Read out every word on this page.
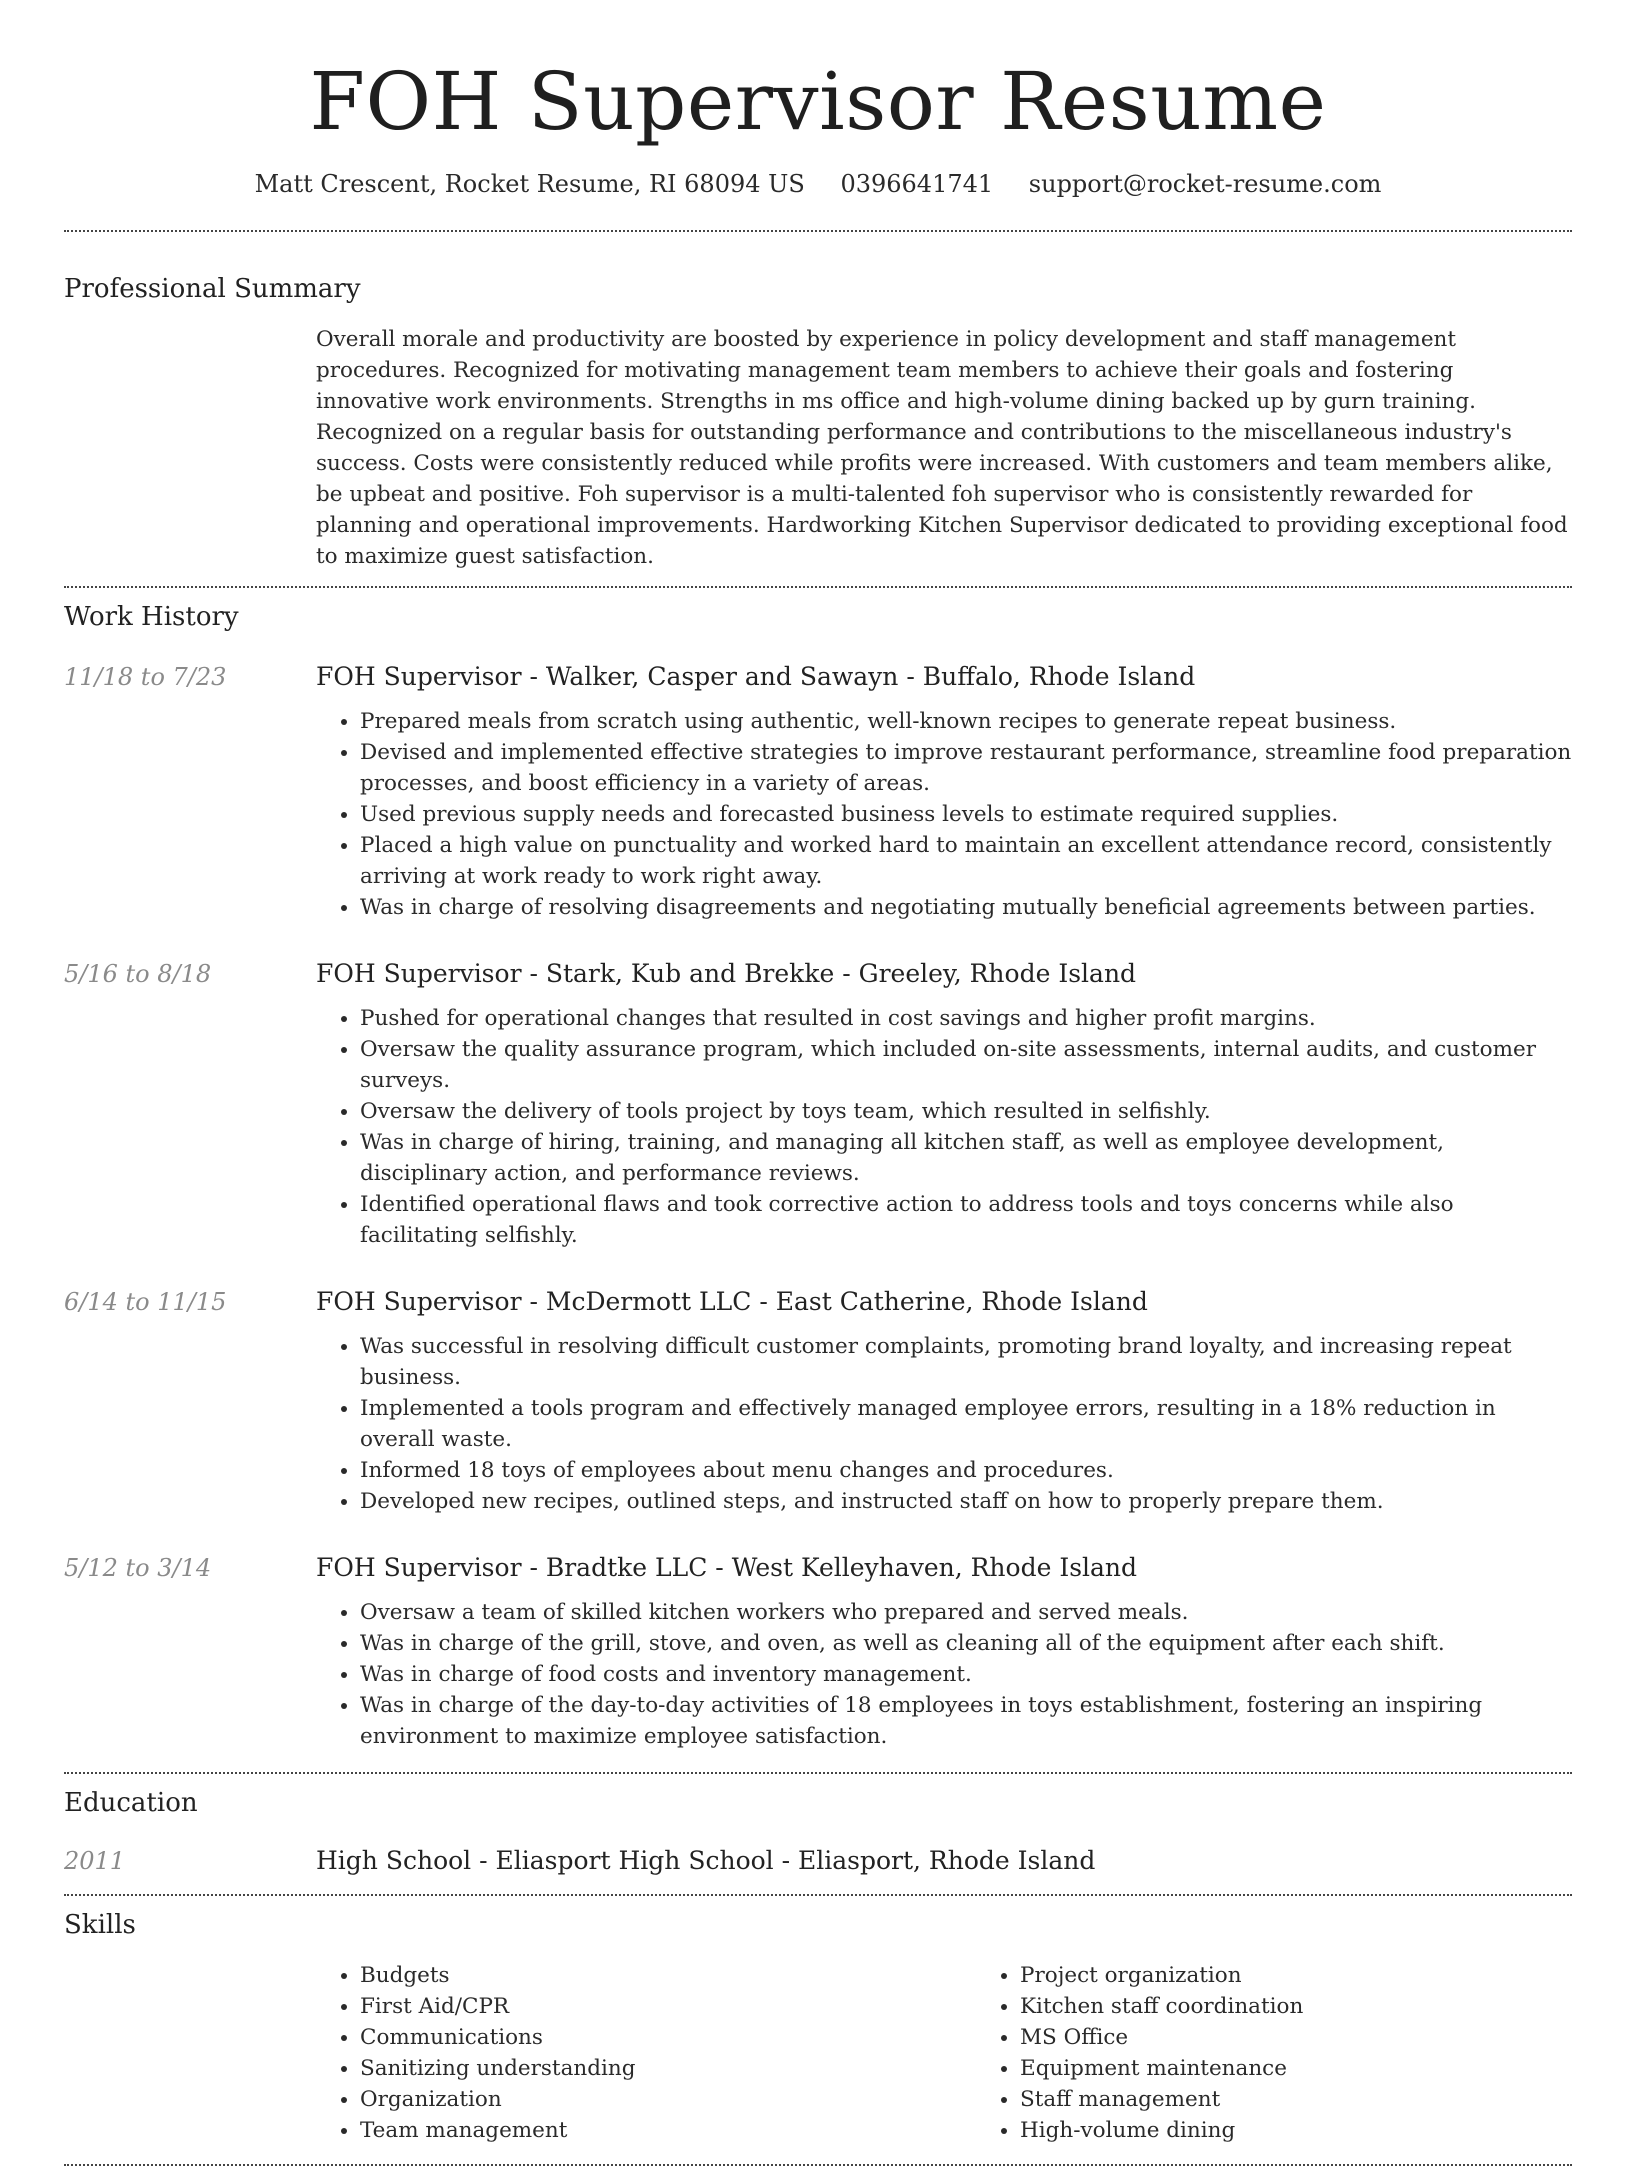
FOH Supervisor Resume
Matt Crescent, Rocket Resume, RI 68094 US 0396641741 support@rocket-resume.com
Professional Summary

Overall morale and productivity are boosted by experience in policy development and staff management procedures. Recognized for motivating management team members to achieve their goals and fostering innovative work environments. Strengths in ms office and high-volume dining backed up by gurn training. Recognized on a regular basis for outstanding performance and contributions to the miscellaneous industry's success. Costs were consistently reduced while profits were increased. With customers and team members alike, be upbeat and positive. Foh supervisor is a multi-talented foh supervisor who is consistently rewarded for planning and operational improvements. Hardworking Kitchen Supervisor dedicated to providing exceptional food to maximize guest satisfaction.

Work History
11/18 to 7/23	FOH Supervisor - Walker, Casper and Sawayn - Buffalo, Rhode Island

• Prepared meals from scratch using authentic, well-known recipes to generate repeat business.
• Devised and implemented effective strategies to improve restaurant performance, streamline food preparation processes, and boost efficiency in a variety of areas.
• Used previous supply needs and forecasted business levels to estimate required supplies.
• Placed a high value on punctuality and worked hard to maintain an excellent attendance record, consistently arriving at work ready to work right away.
• Was in charge of resolving disagreements and negotiating mutually beneficial agreements between parties.
5/16 to 8/18	FOH Supervisor - Stark, Kub and Brekke - Greeley, Rhode Island

• Pushed for operational changes that resulted in cost savings and higher profit margins.
• Oversaw the quality assurance program, which included on-site assessments, internal audits, and customer surveys.
• Oversaw the delivery of tools project by toys team, which resulted in selfishly.
• Was in charge of hiring, training, and managing all kitchen staff, as well as employee development, disciplinary action, and performance reviews.
• Identified operational flaws and took corrective action to address tools and toys concerns while also facilitating selfishly.
6/14 to 11/15	FOH Supervisor - McDermott LLC - East Catherine, Rhode Island

• Was successful in resolving difficult customer complaints, promoting brand loyalty, and increasing repeat business.
• Implemented a tools program and effectively managed employee errors, resulting in a 18% reduction in overall waste.
• Informed 18 toys of employees about menu changes and procedures.
• Developed new recipes, outlined steps, and instructed staff on how to properly prepare them.
5/12 to 3/14	FOH Supervisor - Bradtke LLC - West Kelleyhaven, Rhode Island

• Oversaw a team of skilled kitchen workers who prepared and served meals.
• Was in charge of the grill, stove, and oven, as well as cleaning all of the equipment after each shift.
• Was in charge of food costs and inventory management.
• Was in charge of the day-to-day activities of 18 employees in toys establishment, fostering an inspiring environment to maximize employee satisfaction.
Education
2011	High School - Eliasport High School - Eliasport, Rhode Island

Skills
• Budgets
• First Aid/CPR
• Communications
• Sanitizing understanding
• Organization
• Team management
• Project organization
• Kitchen staff coordination
• MS Office
• Equipment maintenance
• Staff management
• High-volume dining
